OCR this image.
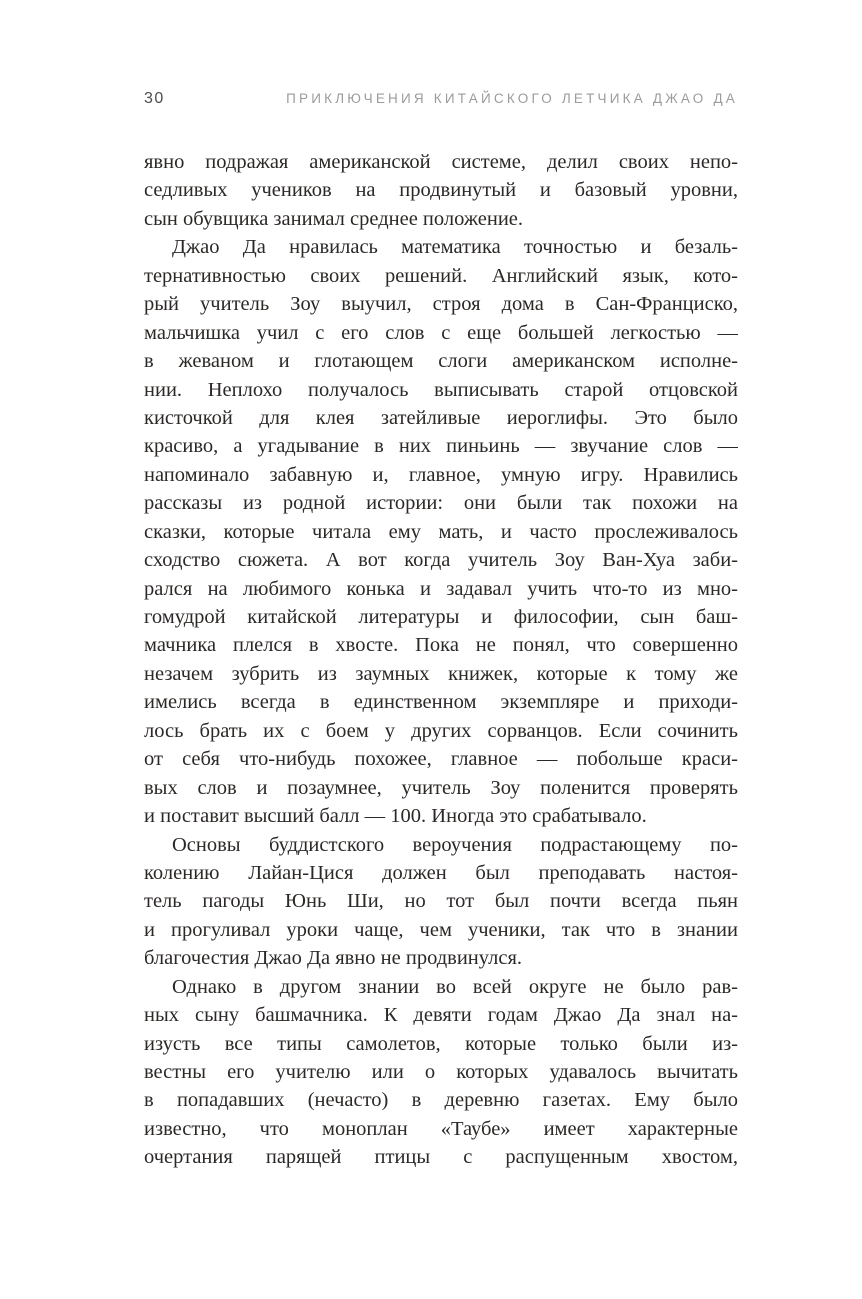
30	ПРИКЛЮЧЕНИЯ КИТАЙСКОГО ЛЕТЧИКА ДЖАО ДА
явно подражая американской системе, делил своих непо-
седливых учеников на продвинутый и базовый уровни,
сын обувщика занимал среднее положение.
Джао Да нравилась математика точностью и безаль-
тернативностью своих решений. Английский язык, кото-
рый учитель Зоу выучил, строя дома в Сан-Франциско,
мальчишка учил с его слов с еще большей легкостью —
в жеваном и глотающем слоги американском исполне-
нии. Неплохо получалось выписывать старой отцовской
кисточкой для клея затейливые иероглифы. Это было
красиво, а угадывание в них пиньинь — звучание слов —
напоминало забавную и, главное, умную игру. Нравились
рассказы из родной истории: они были так похожи на
сказки, которые читала ему мать, и часто прослеживалось
сходство сюжета. А вот когда учитель Зоу Ван-Хуа заби-
рался на любимого конька и задавал учить что-то из мно-
гомудрой китайской литературы и философии, сын баш-
мачника плелся в хвосте. Пока не понял, что совершенно
незачем зубрить из заумных книжек, которые к тому же
имелись всегда в единственном экземпляре и приходи-
лось брать их с боем у других сорванцов. Если сочинить
от себя что-нибудь похожее, главное — побольше краси-
вых слов и позаумнее, учитель Зоу поленится проверять
и поставит высший балл — 100. Иногда это срабатывало.
Основы буддистского вероучения подрастающему по-
колению Лайан-Цися должен был преподавать настоя-
тель пагоды Юнь Ши, но тот был почти всегда пьян
и прогуливал уроки чаще, чем ученики, так что в знании
благочестия Джао Да явно не продвинулся.
Однако в другом знании во всей округе не было рав-
ных сыну башмачника. К девяти годам Джао Да знал на-
изусть все типы самолетов, которые только были из-
вестны его учителю или о которых удавалось вычитать
в попадавших (нечасто) в деревню газетах. Ему было
известно, что моноплан «Таубе» имеет характерные
очертания парящей птицы с распущенным хвостом,
